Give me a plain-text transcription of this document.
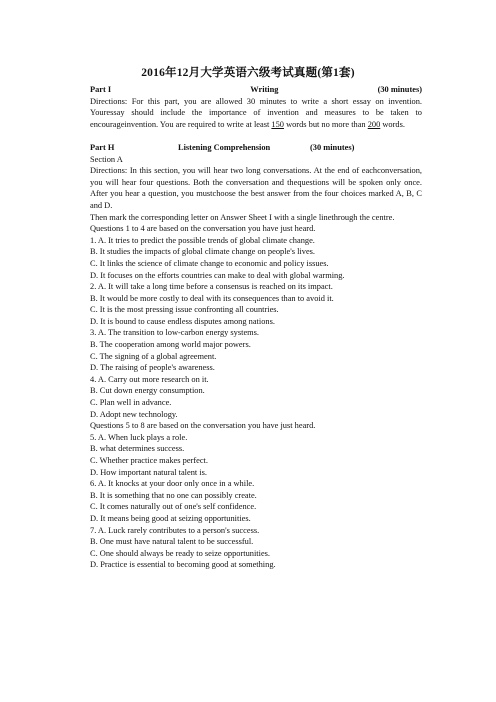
2016年12月大学英语六级考试真题(第1套)
Part I	Writing	(30 minutes)
Directions: For this part, you are allowed 30 minutes to write a short essay on invention. Youressay should include the importance of invention and measures to be taken to encourageinvention. You are required to write at least 150 words but no more than 200 words.
Part H	Listening Comprehension	(30 minutes)
Section A
Directions: In this section, you will hear two long conversations. At the end of eachconversation, you will hear four questions. Both the conversation and thequestions will be spoken only once. After you hear a question, you mustchoose the best answer from the four choices marked A, B, C and D.
Then mark the corresponding letter on Answer Sheet I with a single linethrough the centre.
Questions 1 to 4 are based on the conversation you have just heard.
1. A. It tries to predict the possible trends of global climate change.
B. It studies the impacts of global climate change on people's lives.
C. It links the science of climate change to economic and policy issues.
D. It focuses on the efforts countries can make to deal with global warming.
2. A. It will take a long time before a consensus is reached on its impact.
B. It would be more costly to deal with its consequences than to avoid it.
C. It is the most pressing issue confronting all countries.
D. It is bound to cause endless disputes among nations.
3. A. The transition to low-carbon energy systems.
B. The cooperation among world major powers.
C. The signing of a global agreement.
D. The raising of people's awareness.
4. A. Carry out more research on it.
B. Cut down energy consumption.
C. Plan well in advance.
D. Adopt new technology.
Questions 5 to 8 are based on the conversation you have just heard.
5. A. When luck plays a role.
B. what determines success.
C. Whether practice makes perfect.
D. How important natural talent is.
6. A. It knocks at your door only once in a while.
B. It is something that no one can possibly create.
C. It comes naturally out of one's self confidence.
D. It means being good at seizing opportunities.
7. A. Luck rarely contributes to a person's success.
B. One must have natural talent to be successful.
C. One should always be ready to seize opportunities.
D. Practice is essential to becoming good at something.
